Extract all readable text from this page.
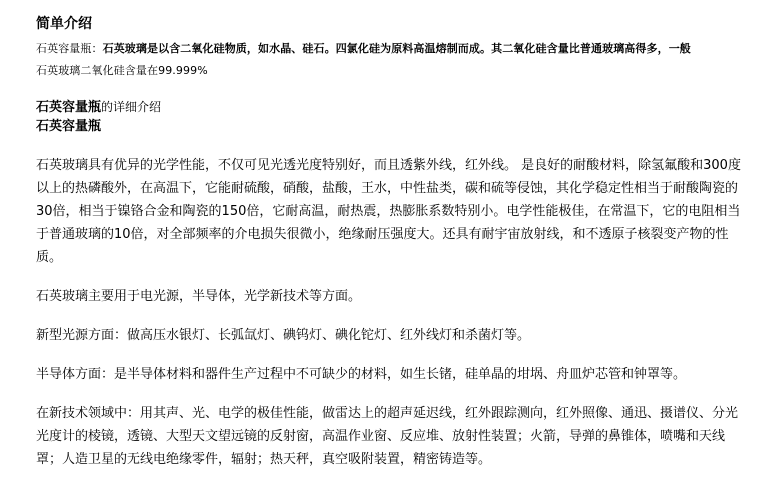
简单介绍
石英容量瓶：石英玻璃是以含二氧化硅物质，如水晶、硅石。四氯化硅为原料高温熔制而成。其二氧化硅含量比普通玻璃高得多，一般
石英玻璃二氧化硅含量在99.999%
石英容量瓶的详细介绍
石英容量瓶

石英玻璃具有优异的光学性能，不仅可见光透光度特别好，而且透紫外线，红外线。 是良好的耐酸材料，除氢氟酸和300度以上的热磷酸外，在高温下，它能耐硫酸，硝酸，盐酸，王水，中性盐类，碳和硫等侵蚀，其化学稳定性相当于耐酸陶瓷的30倍，相当于镍铬合金和陶瓷的150倍，它耐高温，耐热震，热膨胀系数特别小。电学性能极佳，在常温下，它的电阻相当于普通玻璃的10倍，对全部频率的介电损失很微小，绝缘耐压强度大。还具有耐宇宙放射线，和不透原子核裂变产物的性质。

石英玻璃主要用于电光源，半导体，光学新技术等方面。

新型光源方面：做高压水银灯、长弧氙灯、碘钨灯、碘化铊灯、红外线灯和杀菌灯等。

半导体方面：是半导体材料和器件生产过程中不可缺少的材料，如生长锗，硅单晶的坩埚、舟皿炉芯管和钟罩等。

在新技术领域中：用其声、光、电学的极佳性能，做雷达上的超声延迟线，红外跟踪测向，红外照像、通迅、摄谱仪、分光光度计的棱镜，透镜、大型天文望远镜的反射窗，高温作业窗、反应堆、放射性装置；火箭，导弹的鼻锥体，喷嘴和天线罩；人造卫星的无线电绝缘零件，辐射；热天秤，真空吸附装置，精密铸造等。
